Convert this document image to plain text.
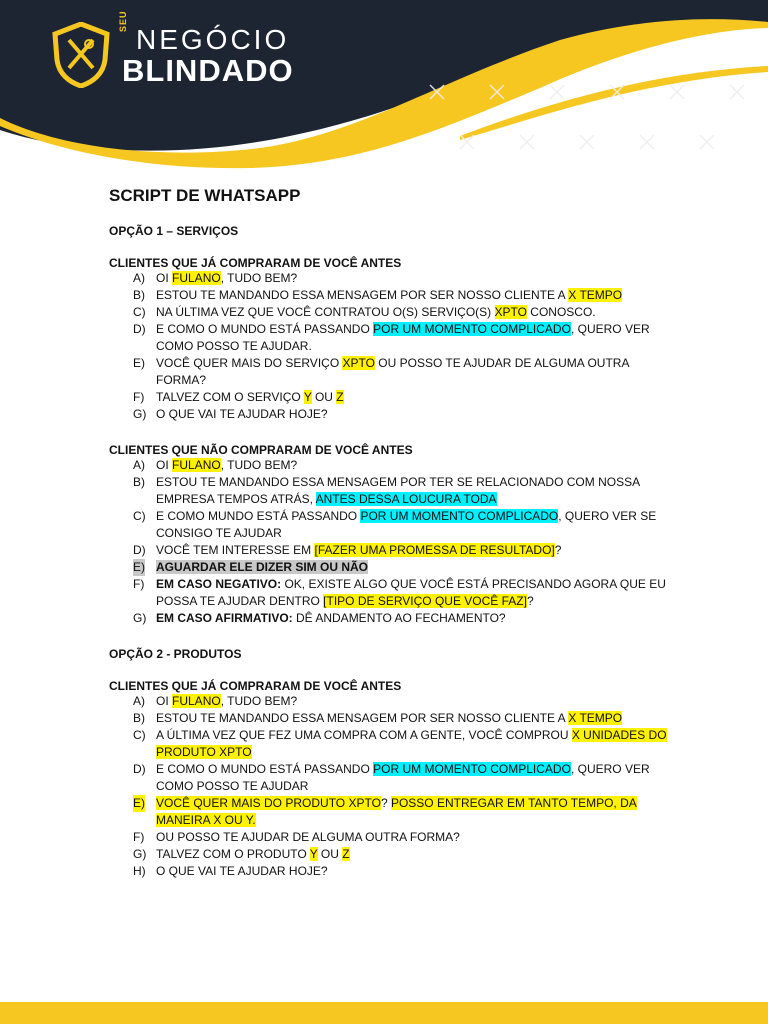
SEU
NEGÓCIO
BLINDADO
SCRIPT DE WHATSAPP
OPÇÃO 1 – SERVIÇOS
CLIENTES QUE JÁ COMPRARAM DE VOCÊ ANTES
A) OI FULANO, TUDO BEM?
B) ESTOU TE MANDANDO ESSA MENSAGEM POR SER NOSSO CLIENTE A X TEMPO
C) NA ÚLTIMA VEZ QUE VOCÊ CONTRATOU O(S) SERVIÇO(S) XPTO CONOSCO.
D) E COMO O MUNDO ESTÁ PASSANDO POR UM MOMENTO COMPLICADO, QUERO VER COMO POSSO TE AJUDAR.
E) VOCÊ QUER MAIS DO SERVIÇO XPTO OU POSSO TE AJUDAR DE ALGUMA OUTRA FORMA?
F) TALVEZ COM O SERVIÇO Y OU Z
G) O QUE VAI TE AJUDAR HOJE?
CLIENTES QUE NÃO COMPRARAM DE VOCÊ ANTES
A) OI FULANO, TUDO BEM?
B) ESTOU TE MANDANDO ESSA MENSAGEM POR TER SE RELACIONADO COM NOSSA EMPRESA TEMPOS ATRÁS, ANTES DESSA LOUCURA TODA
C) E COMO MUNDO ESTÁ PASSANDO POR UM MOMENTO COMPLICADO, QUERO VER SE CONSIGO TE AJUDAR
D) VOCÊ TEM INTERESSE EM [FAZER UMA PROMESSA DE RESULTADO]?
E) AGUARDAR ELE DIZER SIM OU NÃO
F) EM CASO NEGATIVO: OK, EXISTE ALGO QUE VOCÊ ESTÁ PRECISANDO AGORA QUE EU POSSA TE AJUDAR DENTRO [TIPO DE SERVIÇO QUE VOCÊ FAZ]?
G) EM CASO AFIRMATIVO: DÊ ANDAMENTO AO FECHAMENTO?
OPÇÃO 2 - PRODUTOS
CLIENTES QUE JÁ COMPRARAM DE VOCÊ ANTES
A) OI FULANO, TUDO BEM?
B) ESTOU TE MANDANDO ESSA MENSAGEM POR SER NOSSO CLIENTE A X TEMPO
C) A ÚLTIMA VEZ QUE FEZ UMA COMPRA COM A GENTE, VOCÊ COMPROU X UNIDADES DO PRODUTO XPTO
D) E COMO O MUNDO ESTÁ PASSANDO POR UM MOMENTO COMPLICADO, QUERO VER COMO POSSO TE AJUDAR
E) VOCÊ QUER MAIS DO PRODUTO XPTO? POSSO ENTREGAR EM TANTO TEMPO, DA MANEIRA X OU Y.
F) OU POSSO TE AJUDAR DE ALGUMA OUTRA FORMA?
G) TALVEZ COM O PRODUTO Y OU Z
H) O QUE VAI TE AJUDAR HOJE?
